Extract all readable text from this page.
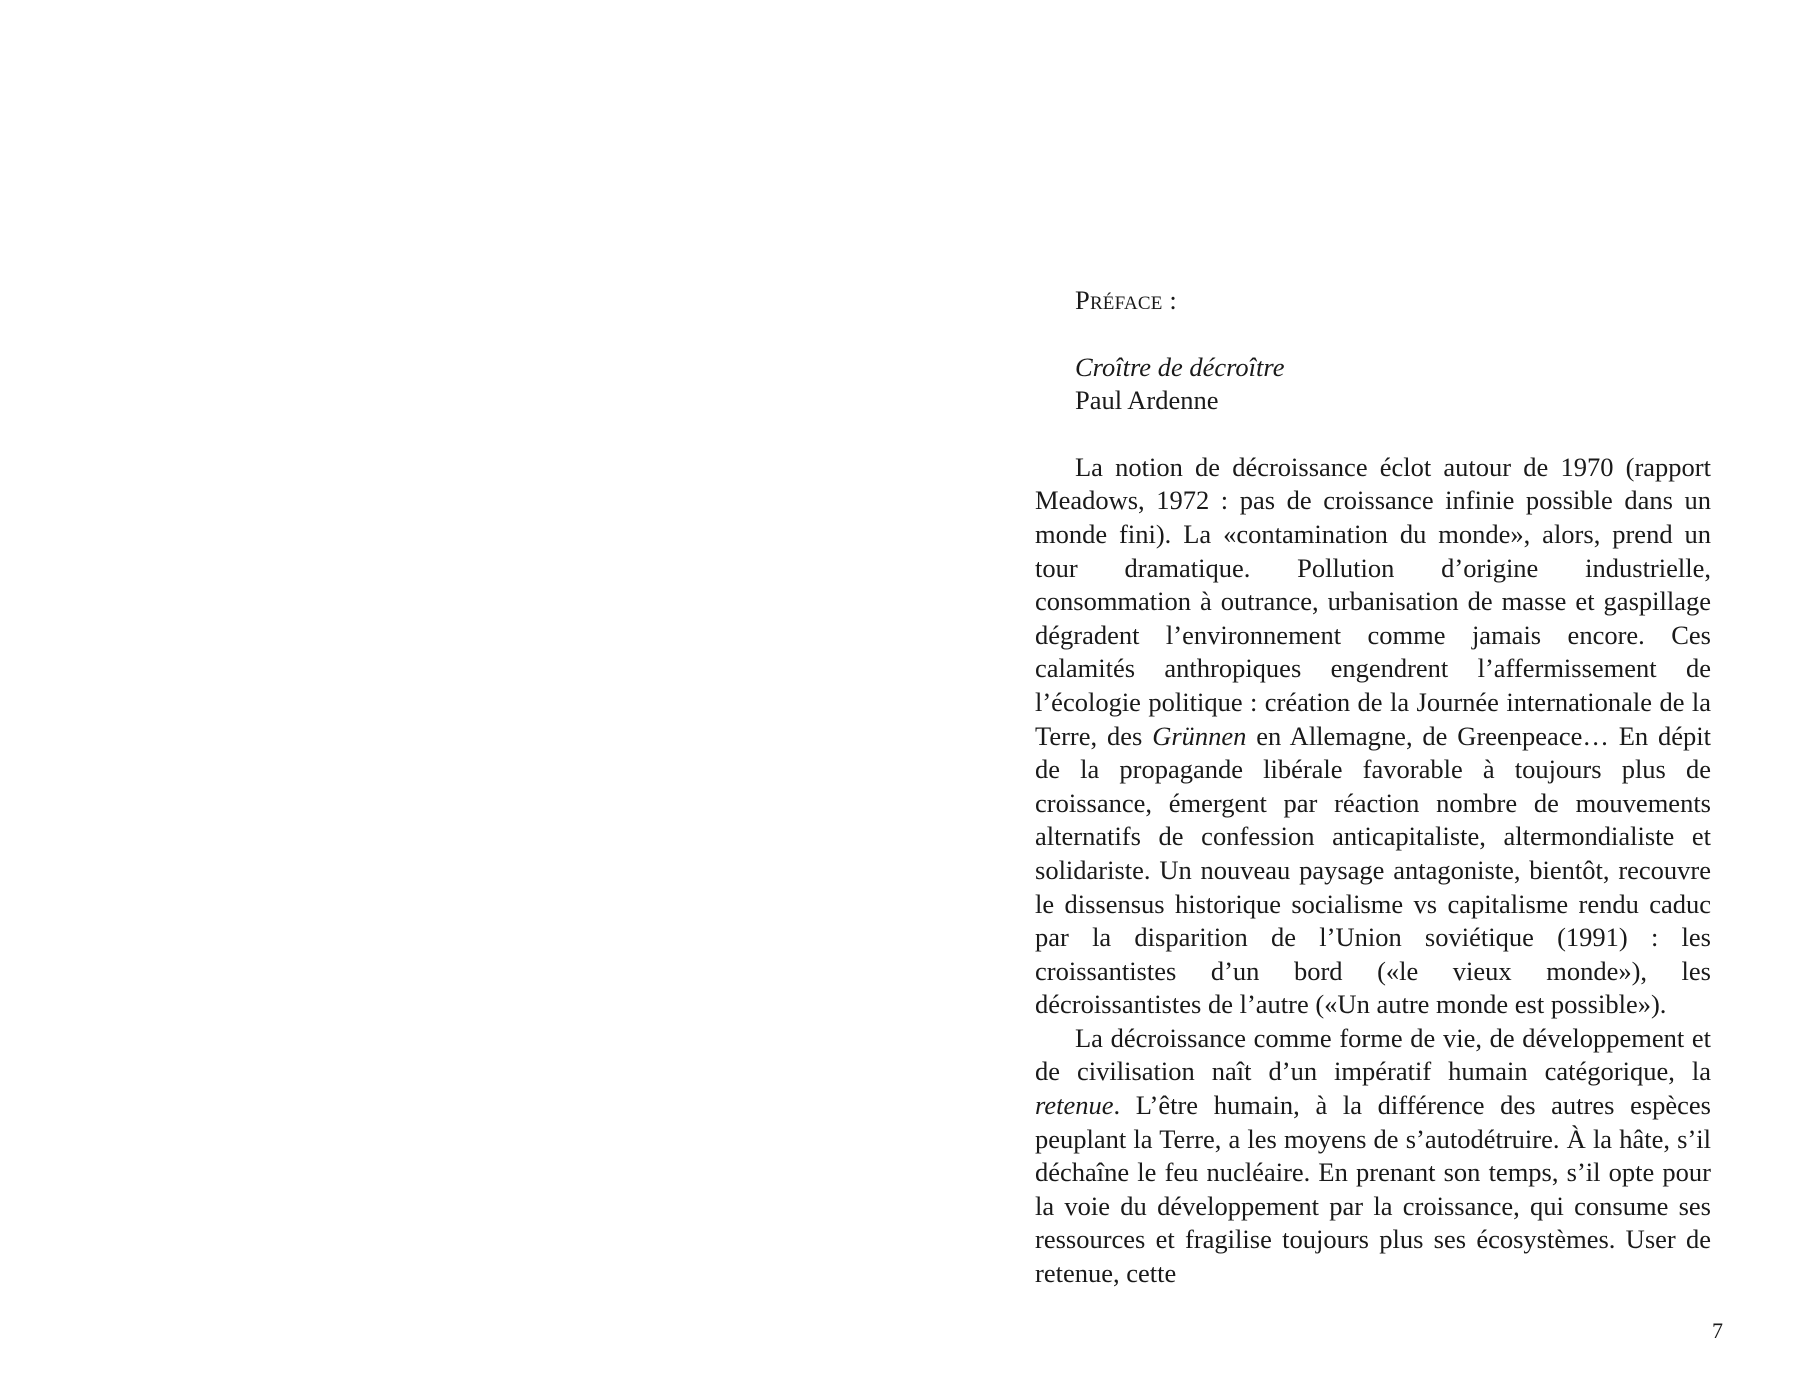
Préface :

Croître de décroître

Paul Ardenne

La notion de décroissance éclot autour de 1970 (rapport Meadows, 1972 : pas de croissance infinie possible dans un monde fini). La «contamination du monde», alors, prend un tour dramatique. Pollution d’origine industrielle, consommation à outrance, urbanisation de masse et gaspillage dégradent l’environnement comme jamais encore. Ces calamités anthropiques engendrent l’affermissement de l’écologie politique : création de la Journée internationale de la Terre, des Grünnen en Allemagne, de Greenpeace… En dépit de la propagande libérale favorable à toujours plus de croissance, émergent par réaction nombre de mouvements alternatifs de confession anticapitaliste, altermondialiste et solidariste. Un nouveau paysage antagoniste, bientôt, recouvre le dissensus historique socialisme vs capitalisme rendu caduc par la disparition de l’Union soviétique (1991) : les croissantistes d’un bord («le vieux monde»), les décroissantistes de l’autre («Un autre monde est possible»).

La décroissance comme forme de vie, de développement et de civilisation naît d’un impératif humain catégorique, la retenue. L’être humain, à la différence des autres espèces peuplant la Terre, a les moyens de s’autodétruire. À la hâte, s’il déchaîne le feu nucléaire. En prenant son temps, s’il opte pour la voie du développement par la croissance, qui consume ses ressources et fragilise toujours plus ses écosystèmes. User de retenue, cette

7
